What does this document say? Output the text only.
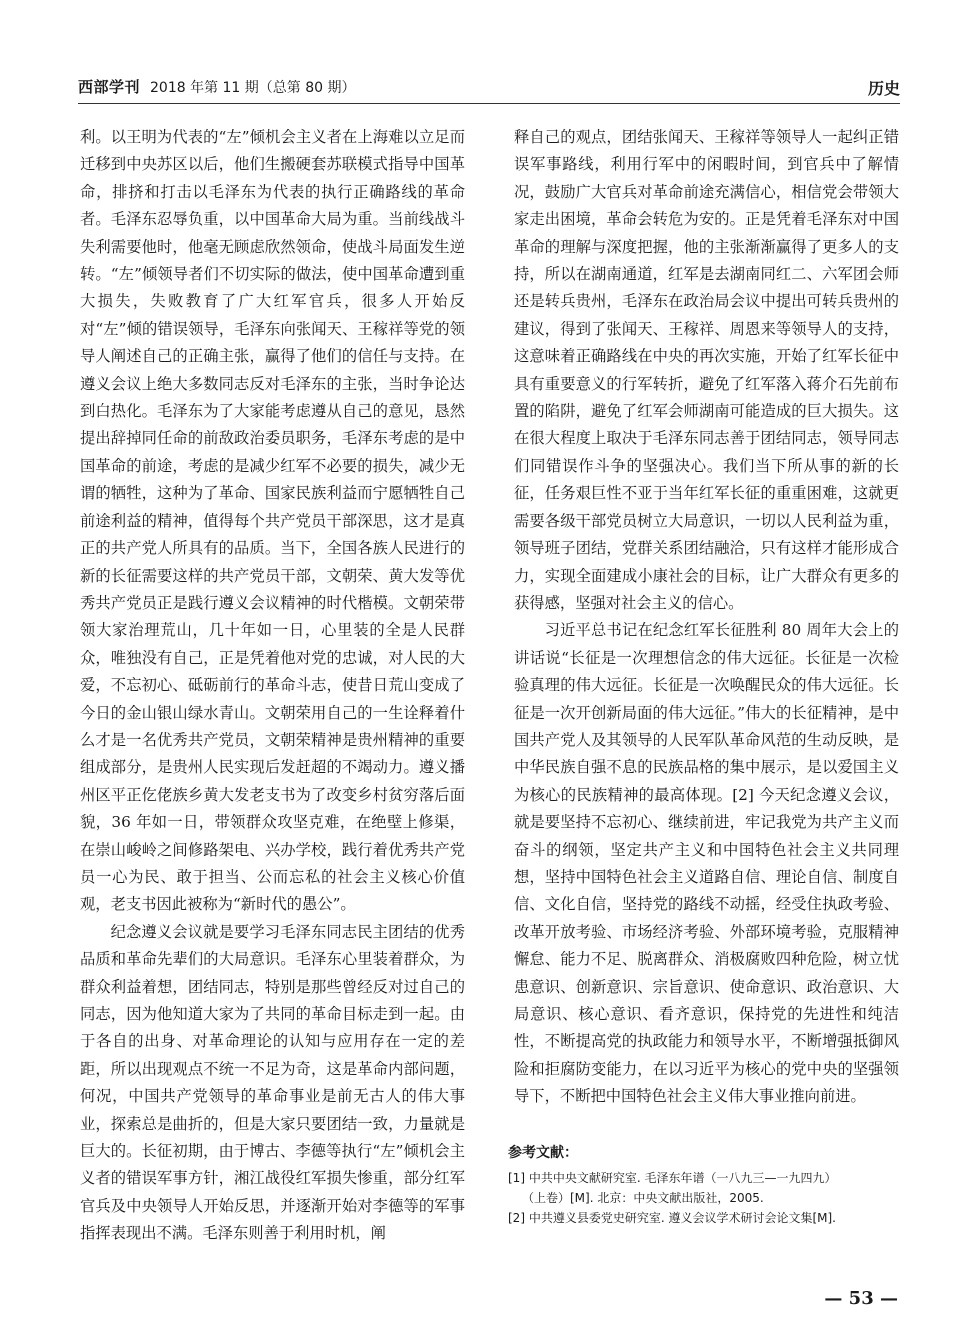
西部学刊 2018 年第 11 期（总第 80 期）	历史

利。以王明为代表的“左”倾机会主义者在上海难以立足而迁移到中央苏区以后，他们生搬硬套苏联模式指导中国革命，排挤和打击以毛泽东为代表的执行正确路线的革命者。毛泽东忍辱负重，以中国革命大局为重。当前线战斗失利需要他时，他毫无顾虑欣然领命，使战斗局面发生逆转。“左”倾领导者们不切实际的做法，使中国革命遭到重大损失，失败教育了广大红军官兵，很多人开始反对“左”倾的错误领导，毛泽东向张闻天、王稼祥等党的领导人阐述自己的正确主张，赢得了他们的信任与支持。在遵义会议上绝大多数同志反对毛泽东的主张，当时争论达到白热化。毛泽东为了大家能考虑遵从自己的意见，恳然提出辞掉同任命的前敌政治委员职务，毛泽东考虑的是中国革命的前途，考虑的是减少红军不必要的损失，减少无谓的牺牲，这种为了革命、国家民族利益而宁愿牺牲自己前途利益的精神，值得每个共产党员干部深思，这才是真正的共产党人所具有的品质。当下，全国各族人民进行的新的长征需要这样的共产党员干部，文朝荣、黄大发等优秀共产党员正是践行遵义会议精神的时代楷模。文朝荣带领大家治理荒山，几十年如一日，心里装的全是人民群众，唯独没有自己，正是凭着他对党的忠诚，对人民的大爱，不忘初心、砥砺前行的革命斗志，使昔日荒山变成了今日的金山银山绿水青山。文朝荣用自己的一生诠释着什么才是一名优秀共产党员，文朝荣精神是贵州精神的重要组成部分，是贵州人民实现后发赶超的不竭动力。遵义播州区平正仡佬族乡黄大发老支书为了改变乡村贫穷落后面貌，36 年如一日，带领群众攻坚克难，在绝壁上修渠，在崇山峻岭之间修路架电、兴办学校，践行着优秀共产党员一心为民、敢于担当、公而忘私的社会主义核心价值观，老支书因此被称为“新时代的愚公”。

纪念遵义会议就是要学习毛泽东同志民主团结的优秀品质和革命先辈们的大局意识。毛泽东心里装着群众，为群众利益着想，团结同志，特别是那些曾经反对过自己的同志，因为他知道大家为了共同的革命目标走到一起。由于各自的出身、对革命理论的认知与应用存在一定的差距，所以出现观点不统一不足为奇，这是革命内部问题，何况，中国共产党领导的革命事业是前无古人的伟大事业，探索总是曲折的，但是大家只要团结一致，力量就是巨大的。长征初期，由于博古、李德等执行“左”倾机会主义者的错误军事方针，湘江战役红军损失惨重，部分红军官兵及中央领导人开始反思，并逐渐开始对李德等的军事指挥表现出不满。毛泽东则善于利用时机，阐

释自己的观点，团结张闻天、王稼祥等领导人一起纠正错误军事路线，利用行军中的闲暇时间，到官兵中了解情况，鼓励广大官兵对革命前途充满信心，相信党会带领大家走出困境，革命会转危为安的。正是凭着毛泽东对中国革命的理解与深度把握，他的主张渐渐赢得了更多人的支持，所以在湖南通道，红军是去湖南同红二、六军团会师还是转兵贵州，毛泽东在政治局会议中提出可转兵贵州的建议，得到了张闻天、王稼祥、周恩来等领导人的支持，这意味着正确路线在中央的再次实施，开始了红军长征中具有重要意义的行军转折，避免了红军落入蒋介石先前布置的陷阱，避免了红军会师湖南可能造成的巨大损失。这在很大程度上取决于毛泽东同志善于团结同志，领导同志们同错误作斗争的坚强决心。我们当下所从事的新的长征，任务艰巨性不亚于当年红军长征的重重困难，这就更需要各级干部党员树立大局意识，一切以人民利益为重，领导班子团结，党群关系团结融洽，只有这样才能形成合力，实现全面建成小康社会的目标，让广大群众有更多的获得感，坚强对社会主义的信心。

习近平总书记在纪念红军长征胜利 80 周年大会上的讲话说“长征是一次理想信念的伟大远征。长征是一次检验真理的伟大远征。长征是一次唤醒民众的伟大远征。长征是一次开创新局面的伟大远征。”伟大的长征精神，是中国共产党人及其领导的人民军队革命风范的生动反映，是中华民族自强不息的民族品格的集中展示，是以爱国主义为核心的民族精神的最高体现。[2] 今天纪念遵义会议，就是要坚持不忘初心、继续前进，牢记我党为共产主义而奋斗的纲领，坚定共产主义和中国特色社会主义共同理想，坚持中国特色社会主义道路自信、理论自信、制度自信、文化自信，坚持党的路线不动摇，经受住执政考验、改革开放考验、市场经济考验、外部环境考验，克服精神懈怠、能力不足、脱离群众、消极腐败四种危险，树立忧患意识、创新意识、宗旨意识、使命意识、政治意识、大局意识、核心意识、看齐意识，保持党的先进性和纯洁性，不断提高党的执政能力和领导水平，不断增强抵御风险和拒腐防变能力，在以习近平为核心的党中央的坚强领导下，不断把中国特色社会主义伟大事业推向前进。

参考文献：

[1] 中共中央文献研究室. 毛泽东年谱（一八九三—一九四九）

（上卷）[M]. 北京：中央文献出版社，2005.

[2] 中共遵义县委党史研究室. 遵义会议学术研讨会论文集[M].

— 53 —
